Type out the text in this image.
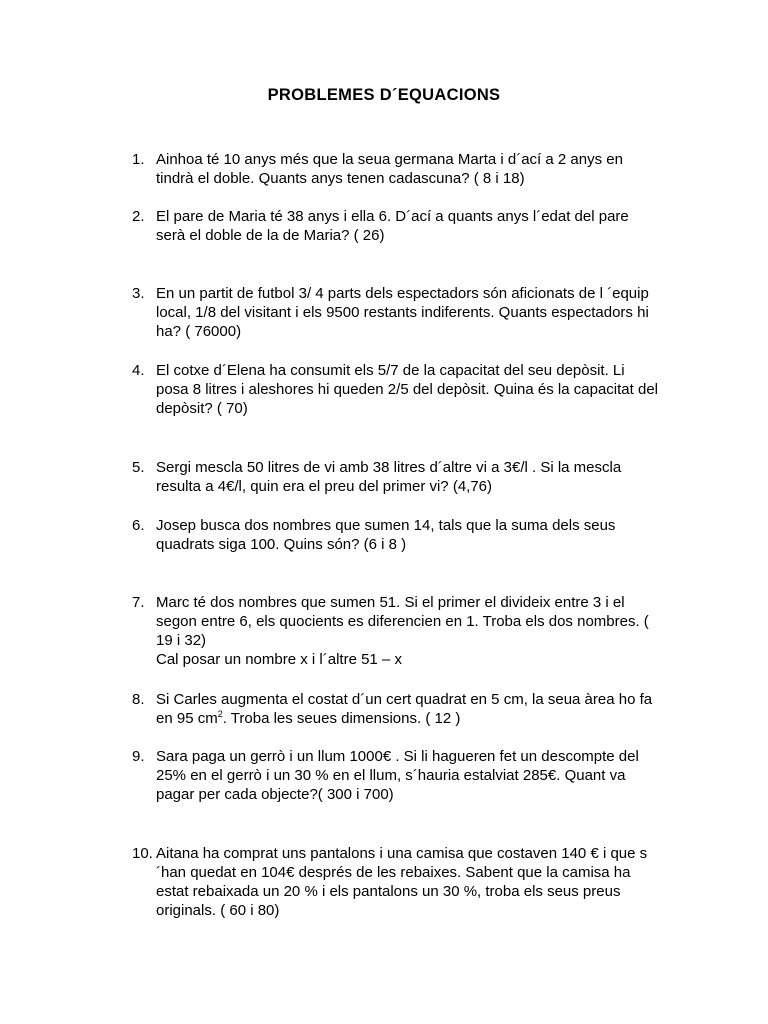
PROBLEMES D´EQUACIONS
1. Ainhoa té 10 anys més que la seua germana Marta i d´ací a 2 anys en tindrà el doble. Quants anys tenen cadascuna? ( 8 i 18)
2. El pare de Maria té 38 anys i ella 6. D´ací a quants anys l´edat del pare serà el doble de la de Maria? ( 26)
3. En un partit de futbol 3/ 4 parts dels espectadors són aficionats de l ´equip local, 1/8 del visitant i els 9500 restants indiferents. Quants espectadors hi ha? ( 76000)
4. El cotxe d´Elena ha consumit els 5/7 de la capacitat del seu depòsit. Li posa 8 litres i aleshores hi queden 2/5 del depòsit. Quina és la capacitat del depòsit? ( 70)
5. Sergi mescla 50 litres de vi amb 38 litres d´altre vi a 3€/l . Si la mescla resulta a 4€/l, quin era el preu del primer vi? (4,76)
6. Josep busca dos nombres que sumen 14, tals que la suma dels seus quadrats siga 100. Quins són? (6 i 8 )
7. Marc té dos nombres que sumen 51. Si el primer el divideix entre 3 i el segon entre 6, els quocients es diferencien en 1. Troba els dos nombres. ( 19 i 32)
Cal posar un nombre x i l´altre 51 – x
8. Si Carles augmenta el costat d´un cert quadrat en 5 cm, la seua àrea ho fa en 95 $cm^2$. Troba les seues dimensions. ( 12 )
9. Sara paga un gerrò i un llum 1000€ . Si li hagueren fet un descompte del 25% en el gerrò i un 30 % en el llum, s´hauria estalviat 285€. Quant va pagar per cada objecte?( 300 i 700)
10. Aitana ha comprat uns pantalons i una camisa que costaven 140 € i que s´han quedat en 104€ després de les rebaixes. Sabent que la camisa ha estat rebaixada un 20 % i els pantalons un 30 %, troba els seus preus originals. ( 60 i 80)
